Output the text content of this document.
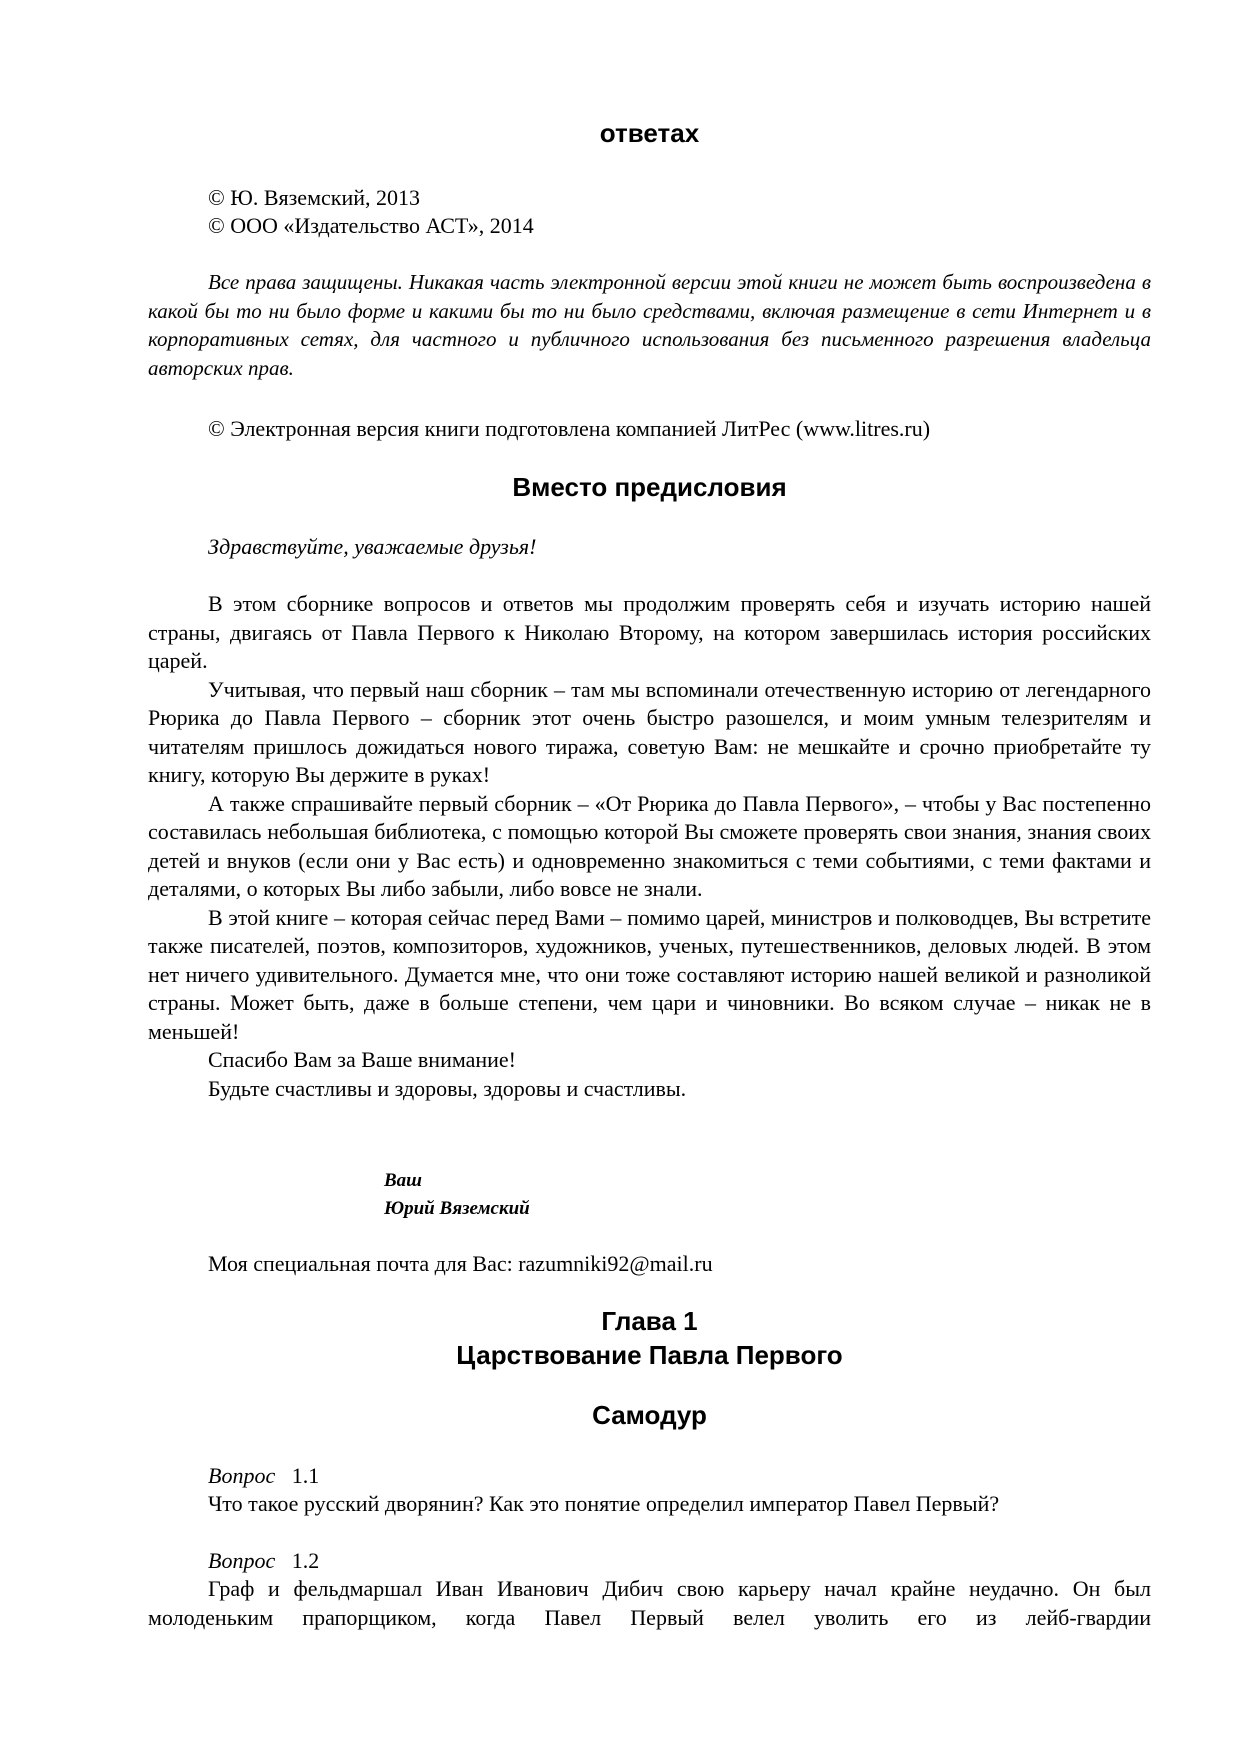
ответах
© Ю. Вяземский, 2013
© ООО «Издательство АСТ», 2014
Все права защищены. Никакая часть электронной версии этой книги не может быть воспроизведена в какой бы то ни было форме и какими бы то ни было средствами, включая размещение в сети Интернет и в корпоративных сетях, для частного и публичного использования без письменного разрешения владельца авторских прав.
© Электронная версия книги подготовлена компанией ЛитРес (www.litres.ru)
Вместо предисловия
Здравствуйте, уважаемые друзья!

В этом сборнике вопросов и ответов мы продолжим проверять себя и изучать историю нашей страны, двигаясь от Павла Первого к Николаю Второму, на котором завершилась история российских царей.

Учитывая, что первый наш сборник – там мы вспоминали отечественную историю от легендарного Рюрика до Павла Первого – сборник этот очень быстро разошелся, и моим умным телезрителям и читателям пришлось дожидаться нового тиража, советую Вам: не мешкайте и срочно приобретайте ту книгу, которую Вы держите в руках!

А также спрашивайте первый сборник – «От Рюрика до Павла Первого», – чтобы у Вас постепенно составилась небольшая библиотека, с помощью которой Вы сможете проверять свои знания, знания своих детей и внуков (если они у Вас есть) и одновременно знакомиться с теми событиями, с теми фактами и деталями, о которых Вы либо забыли, либо вовсе не знали.

В этой книге – которая сейчас перед Вами – помимо царей, министров и полководцев, Вы встретите также писателей, поэтов, композиторов, художников, ученых, путешественников, деловых людей. В этом нет ничего удивительного. Думается мне, что они тоже составляют историю нашей великой и разноликой страны. Может быть, даже в больше степени, чем цари и чиновники. Во всяком случае – никак не в меньшей!

Спасибо Вам за Ваше внимание!

Будьте счастливы и здоровы, здоровы и счастливы.

Ваш
Юрий Вяземский
Моя специальная почта для Вас: razumniki92@mail.ru
Глава 1
Царствование Павла Первого
Самодур
Вопрос 1.1
Что такое русский дворянин? Как это понятие определил император Павел Первый?
Вопрос 1.2

Граф и фельдмаршал Иван Иванович Дибич свою карьеру начал крайне неудачно. Он был молоденьким прапорщиком, когда Павел Первый велел уволить его из лейб-гвардии
